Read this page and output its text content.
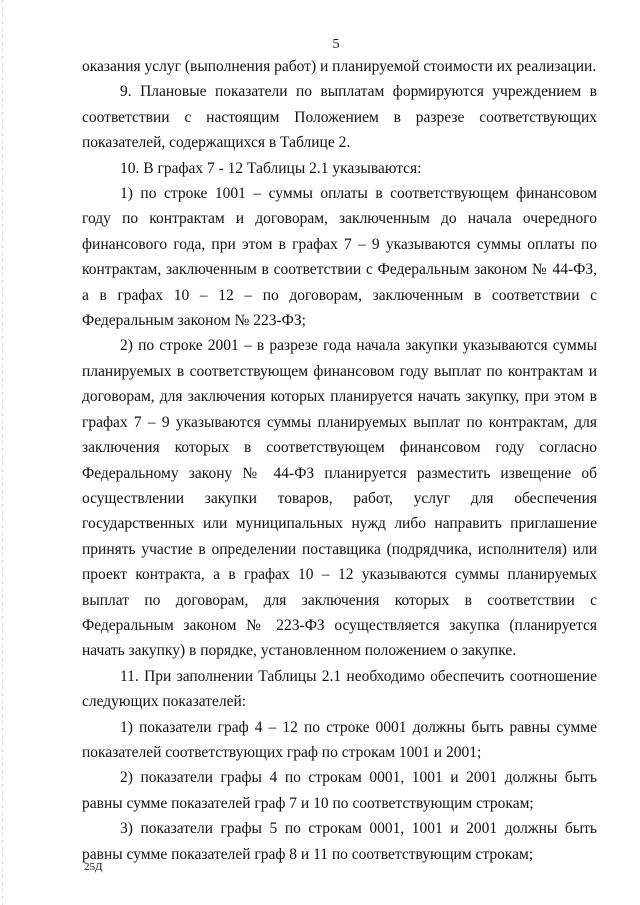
5

оказания услуг (выполнения работ) и планируемой стоимости их реализации.

9. Плановые показатели по выплатам формируются учреждением в соответствии с настоящим Положением в разрезе соответствующих показателей, содержащихся в Таблице 2.

10. В графах 7 - 12 Таблицы 2.1 указываются:

1) по строке 1001 – суммы оплаты в соответствующем финансовом году по контрактам и договорам, заключенным до начала очередного финансового года, при этом в графах 7 – 9 указываются суммы оплаты по контрактам, заключенным в соответствии с Федеральным законом № 44-ФЗ, а в графах 10 – 12 – по договорам, заключенным в соответствии с Федеральным законом № 223-ФЗ;

2) по строке 2001 – в разрезе года начала закупки указываются суммы планируемых в соответствующем финансовом году выплат по контрактам и договорам, для заключения которых планируется начать закупку, при этом в графах 7 – 9 указываются суммы планируемых выплат по контрактам, для заключения которых в соответствующем финансовом году согласно Федеральному закону № 44-ФЗ планируется разместить извещение об осуществлении закупки товаров, работ, услуг для обеспечения государственных или муниципальных нужд либо направить приглашение принять участие в определении поставщика (подрядчика, исполнителя) или проект контракта, а в графах 10 – 12 указываются суммы планируемых выплат по договорам, для заключения которых в соответствии с Федеральным законом № 223-ФЗ осуществляется закупка (планируется начать закупку) в порядке, установленном положением о закупке.

11. При заполнении Таблицы 2.1 необходимо обеспечить соотношение следующих показателей:

1) показатели граф 4 – 12 по строке 0001 должны быть равны сумме показателей соответствующих граф по строкам 1001 и 2001;

2) показатели графы 4 по строкам 0001, 1001 и 2001 должны быть равны сумме показателей граф 7 и 10 по соответствующим строкам;

3) показатели графы 5 по строкам 0001, 1001 и 2001 должны быть равны сумме показателей граф 8 и 11 по соответствующим строкам;

25Д
